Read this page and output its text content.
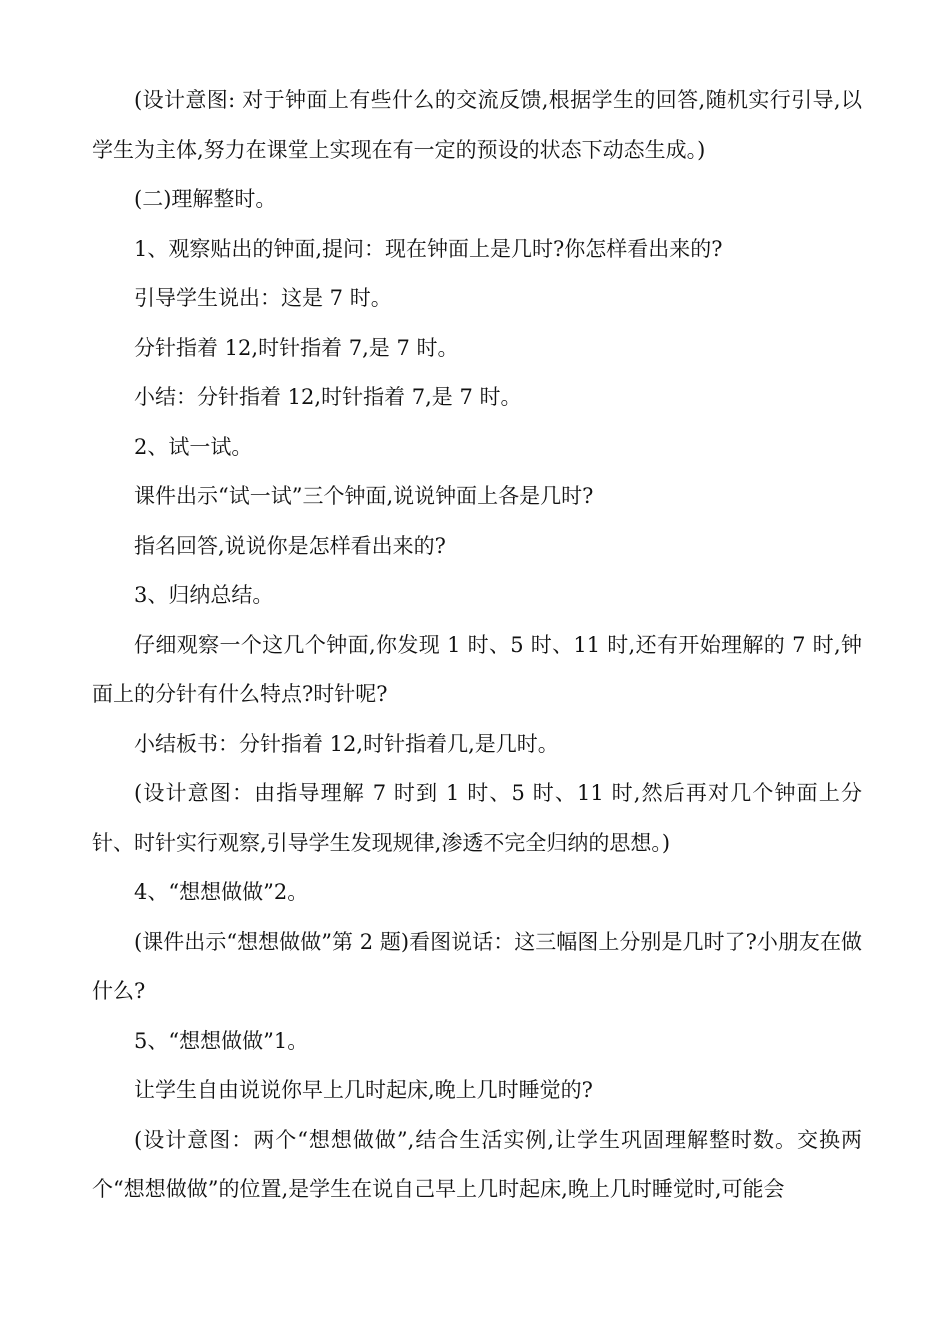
(设计意图: 对于钟面上有些什么的交流反馈,根据学生的回答,随机实行引导,以学生为主体,努力在课堂上实现在有一定的预设的状态下动态生成。)

(二)理解整时。

1、观察贴出的钟面,提问：现在钟面上是几时?你怎样看出来的?

引导学生说出：这是 7 时。

分针指着 12,时针指着 7,是 7 时。

小结：分针指着 12,时针指着 7,是 7 时。

2、试一试。

课件出示“试一试”三个钟面,说说钟面上各是几时?

指名回答,说说你是怎样看出来的?

3、归纳总结。

仔细观察一个这几个钟面,你发现 1 时、5 时、11 时,还有开始理解的 7 时,钟面上的分针有什么特点?时针呢?

小结板书：分针指着 12,时针指着几,是几时。

(设计意图：由指导理解 7 时到 1 时、5 时、11 时,然后再对几个钟面上分针、时针实行观察,引导学生发现规律,渗透不完全归纳的思想。)

4、“想想做做”2。

(课件出示“想想做做”第 2 题)看图说话：这三幅图上分别是几时了?小朋友在做什么?

5、“想想做做”1。

让学生自由说说你早上几时起床,晚上几时睡觉的?

(设计意图：两个“想想做做”,结合生活实例,让学生巩固理解整时数。交换两个“想想做做”的位置,是学生在说自己早上几时起床,晚上几时睡觉时,可能会
